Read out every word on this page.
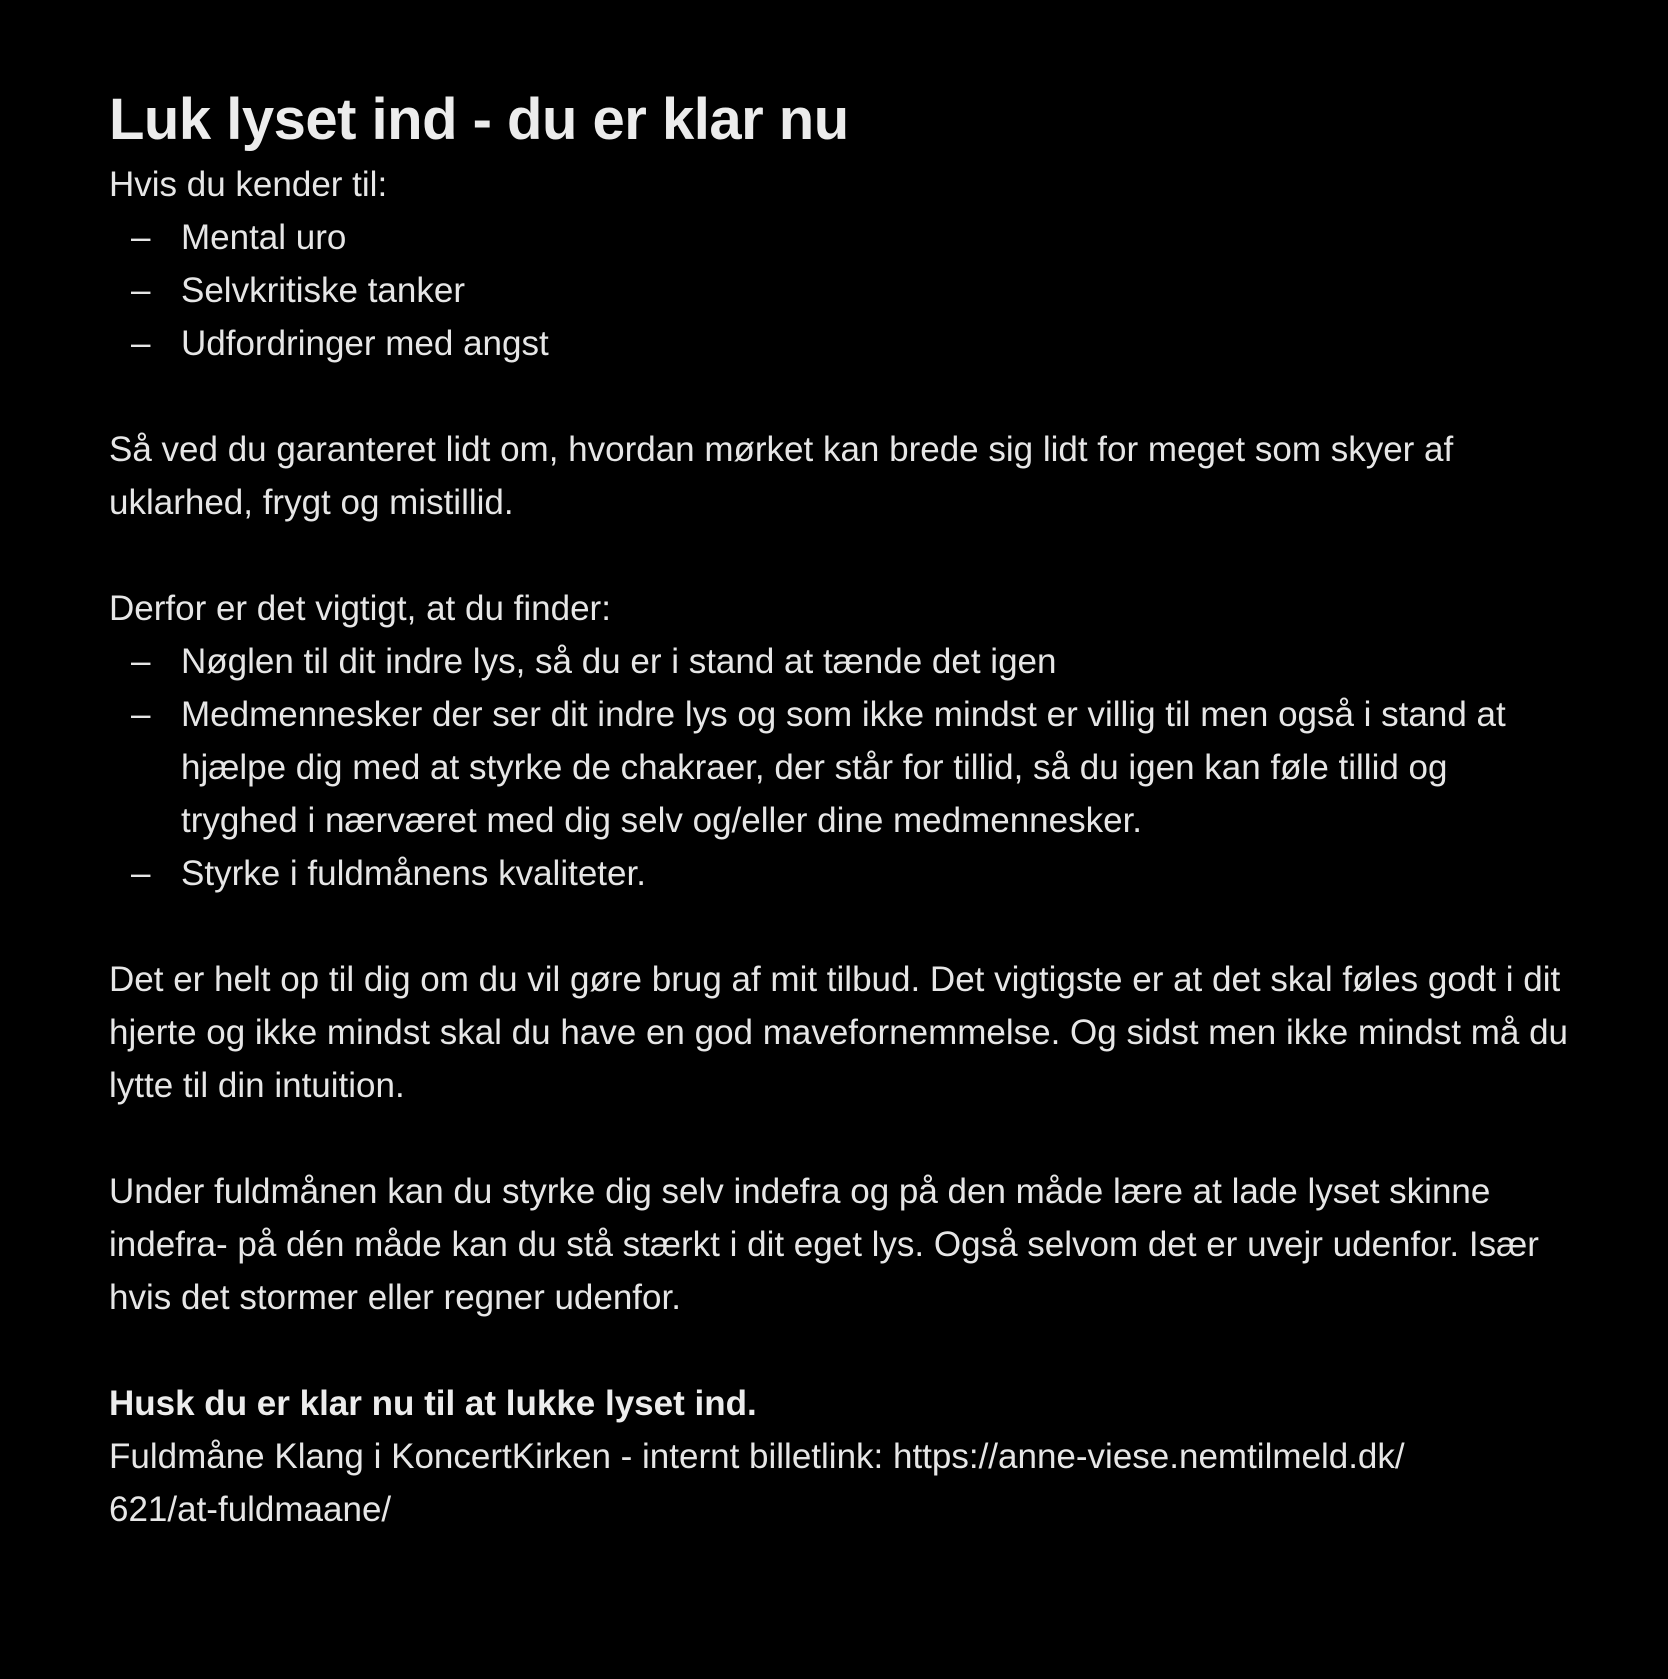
Luk lyset ind - du er klar nu

Hvis du kender til:

– Mental uro
– Selvkritiske tanker
– Udfordringer med angst

Så ved du garanteret lidt om, hvordan mørket kan brede sig lidt for meget som skyer af uklarhed, frygt og mistillid.

Derfor er det vigtigt, at du finder:

– Nøglen til dit indre lys, så du er i stand at tænde det igen
– Medmennesker der ser dit indre lys og som ikke mindst er villig til men også i stand at hjælpe dig med at styrke de chakraer, der står for tillid, så du igen kan føle tillid og tryghed i nærværet med dig selv og/eller dine medmennesker.
– Styrke i fuldmånens kvaliteter.

Det er helt op til dig om du vil gøre brug af mit tilbud. Det vigtigste er at det skal føles godt i dit hjerte og ikke mindst skal du have en god mavefornemmelse. Og sidst men ikke mindst må du lytte til din intuition.

Under fuldmånen kan du styrke dig selv indefra og på den måde lære at lade lyset skinne indefra- på dén måde kan du stå stærkt i dit eget lys. Også selvom det er uvejr udenfor. Især hvis det stormer eller regner udenfor.

Husk du er klar nu til at lukke lyset ind.

Fuldmåne Klang i KoncertKirken - internt billetlink: https://anne-viese.nemtilmeld.dk/

621/at-fuldmaane/
